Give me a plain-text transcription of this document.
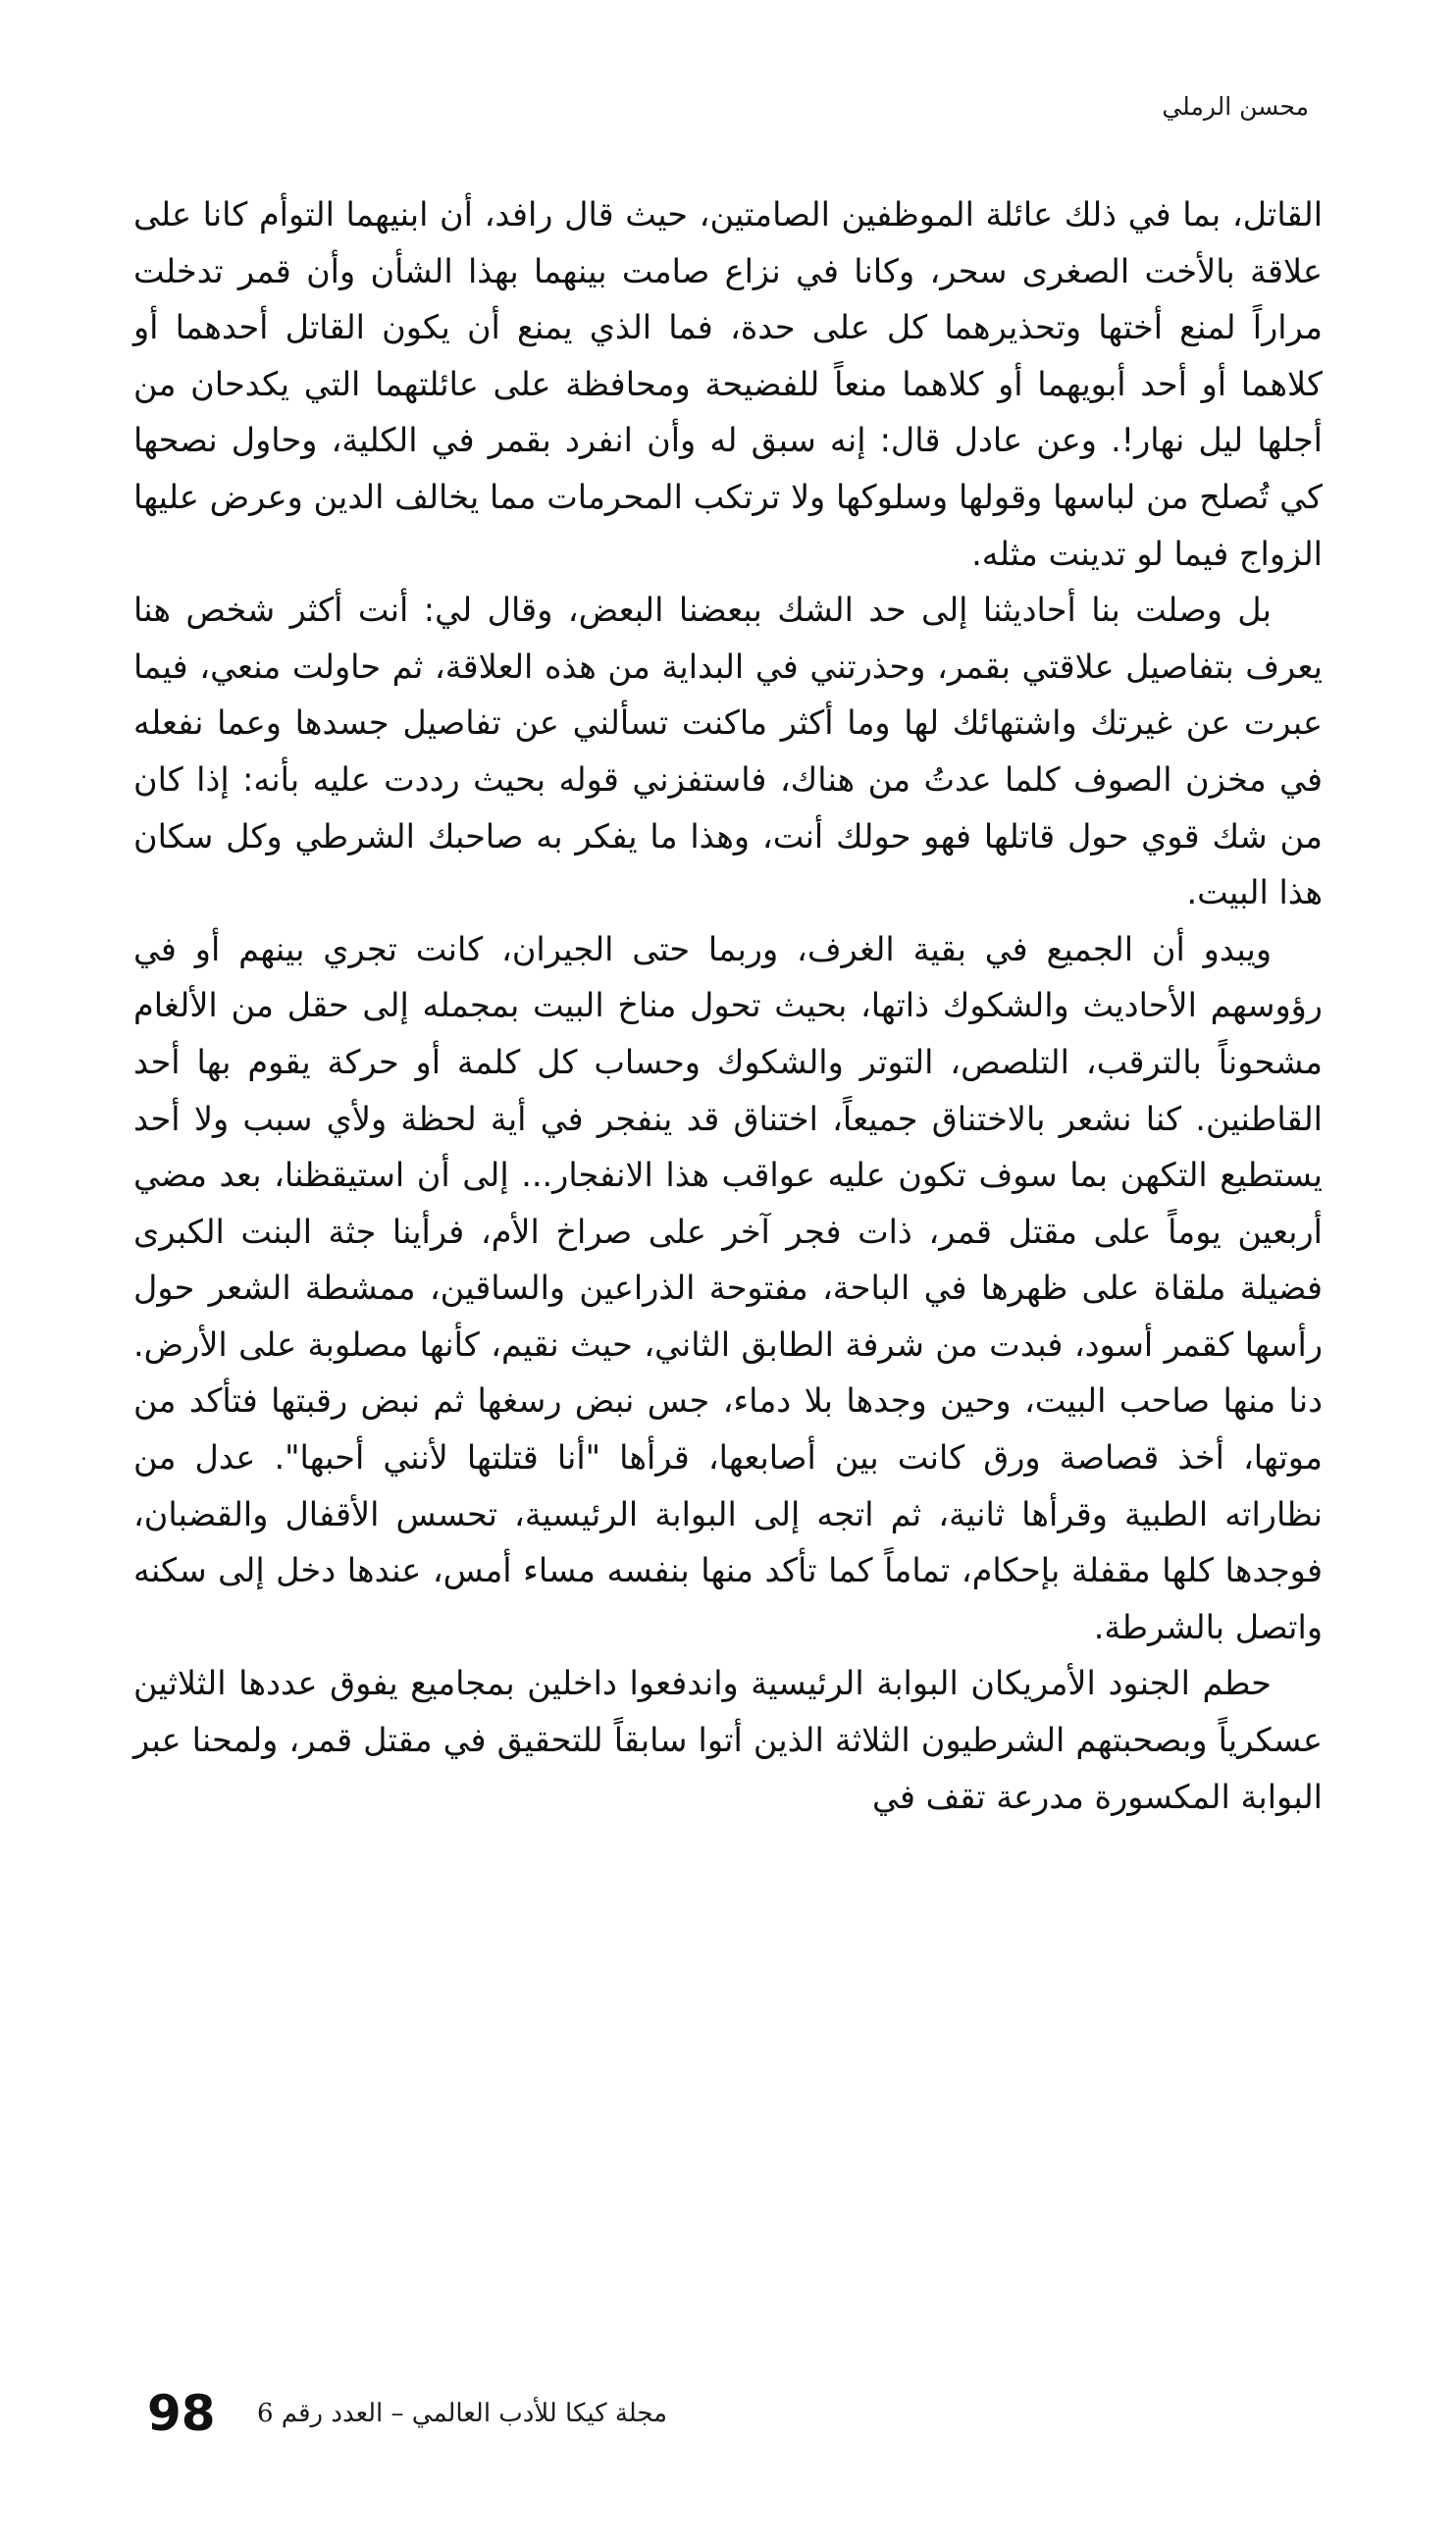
محسن الرملي

القاتل، بما في ذلك عائلة الموظفين الصامتين، حيث قال رافد، أن ابنيهما التوأم كانا على علاقة بالأخت الصغرى سحر، وكانا في نزاع صامت بينهما بهذا الشأن وأن قمر تدخلت مراراً لمنع أختها وتحذيرهما كل على حدة، فما الذي يمنع أن يكون القاتل أحدهما أو كلاهما أو أحد أبويهما أو كلاهما منعاً للفضيحة ومحافظة على عائلتهما التي يكدحان من أجلها ليل نهار!. وعن عادل قال: إنه سبق له وأن انفرد بقمر في الكلية، وحاول نصحها كي تُصلح من لباسها وقولها وسلوكها ولا ترتكب المحرمات مما يخالف الدين وعرض عليها الزواج فيما لو تدينت مثله.

بل وصلت بنا أحاديثنا إلى حد الشك ببعضنا البعض، وقال لي: أنت أكثر شخص هنا يعرف بتفاصيل علاقتي بقمر، وحذرتني في البداية من هذه العلاقة، ثم حاولت منعي، فيما عبرت عن غيرتك واشتهائك لها وما أكثر ماكنت تسألني عن تفاصيل جسدها وعما نفعله في مخزن الصوف كلما عدتُ من هناك، فاستفزني قوله بحيث رددت عليه بأنه: إذا كان من شك قوي حول قاتلها فهو حولك أنت، وهذا ما يفكر به صاحبك الشرطي وكل سكان هذا البيت.

ويبدو أن الجميع في بقية الغرف، وربما حتى الجيران، كانت تجري بينهم أو في رؤوسهم الأحاديث والشكوك ذاتها، بحيث تحول مناخ البيت بمجمله إلى حقل من الألغام مشحوناً بالترقب، التلصص، التوتر والشكوك وحساب كل كلمة أو حركة يقوم بها أحد القاطنين. كنا نشعر بالاختناق جميعاً، اختناق قد ينفجر في أية لحظة ولأي سبب ولا أحد يستطيع التكهن بما سوف تكون عليه عواقب هذا الانفجار... إلى أن استيقظنا، بعد مضي أربعين يوماً على مقتل قمر، ذات فجر آخر على صراخ الأم، فرأينا جثة البنت الكبرى فضيلة ملقاة على ظهرها في الباحة، مفتوحة الذراعين والساقين، ممشطة الشعر حول رأسها كقمر أسود، فبدت من شرفة الطابق الثاني، حيث نقيم، كأنها مصلوبة على الأرض. دنا منها صاحب البيت، وحين وجدها بلا دماء، جس نبض رسغها ثم نبض رقبتها فتأكد من موتها، أخذ قصاصة ورق كانت بين أصابعها، قرأها "أنا قتلتها لأنني أحبها". عدل من نظاراته الطبية وقرأها ثانية، ثم اتجه إلى البوابة الرئيسية، تحسس الأقفال والقضبان، فوجدها كلها مقفلة بإحكام، تماماً كما تأكد منها بنفسه مساء أمس، عندها دخل إلى سكنه واتصل بالشرطة.

حطم الجنود الأمريكان البوابة الرئيسية واندفعوا داخلين بمجاميع يفوق عددها الثلاثين عسكرياً وبصحبتهم الشرطيون الثلاثة الذين أتوا سابقاً للتحقيق في مقتل قمر، ولمحنا عبر البوابة المكسورة مدرعة تقف في

98 مجلة كيكا للأدب العالمي – العدد رقم 6
